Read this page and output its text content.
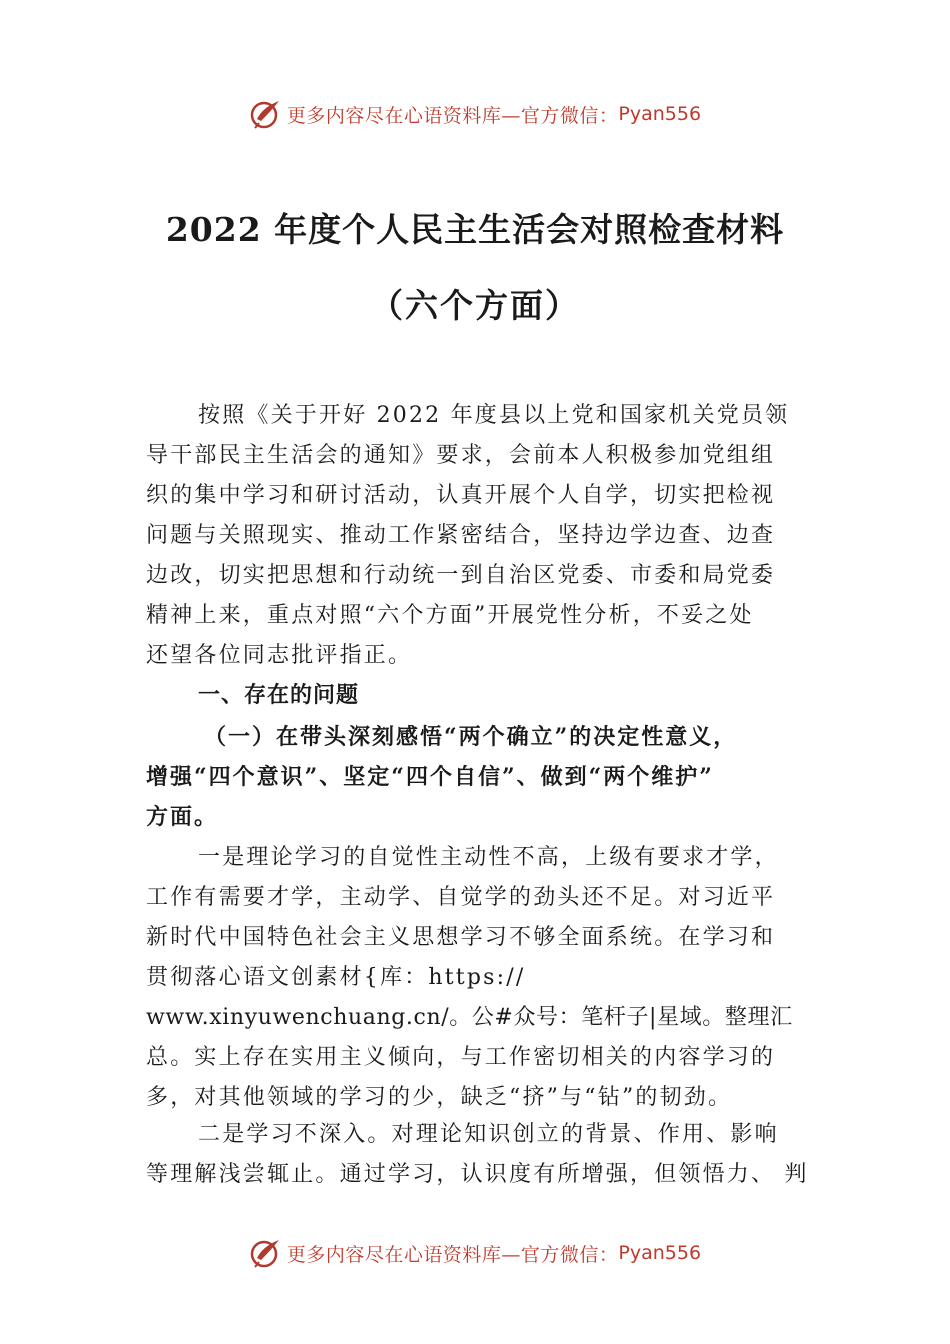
更多内容尽在心语资料库—官方微信： Pyan556
2022 年度个人民主生活会对照检查材料
（六个方面）
按照《关于开好 2022 年度县以上党和国家机关党员领
导干部民主生活会的通知》要求，会前本人积极参加党组组
织的集中学习和研讨活动，认真开展个人自学，切实把检视
问题与关照现实、推动工作紧密结合，坚持边学边查、边查
边改，切实把思想和行动统一到自治区党委、市委和局党委
精神上来，重点对照“六个方面”开展党性分析，不妥之处
还望各位同志批评指正。
一、存在的问题
（一）在带头深刻感悟“两个确立”的决定性意义，
增强“四个意识”、坚定“四个自信”、做到“两个维护”
方面。
一是理论学习的自觉性主动性不高，上级有要求才学，
工作有需要才学，主动学、自觉学的劲头还不足。对习近平
新时代中国特色社会主义思想学习不够全面系统。在学习和
贯彻落心语文创素材{库：https://
www.xinyuwenchuang.cn/。公#众号：笔杆子|星域。整理汇
总。实上存在实用主义倾向，与工作密切相关的内容学习的
多，对其他领域的学习的少，缺乏“挤”与“钻”的韧劲。
二是学习不深入。对理论知识创立的背景、作用、影响
等理解浅尝辄止。通过学习，认识度有所增强，但领悟力、 判
更多内容尽在心语资料库—官方微信： Pyan556
